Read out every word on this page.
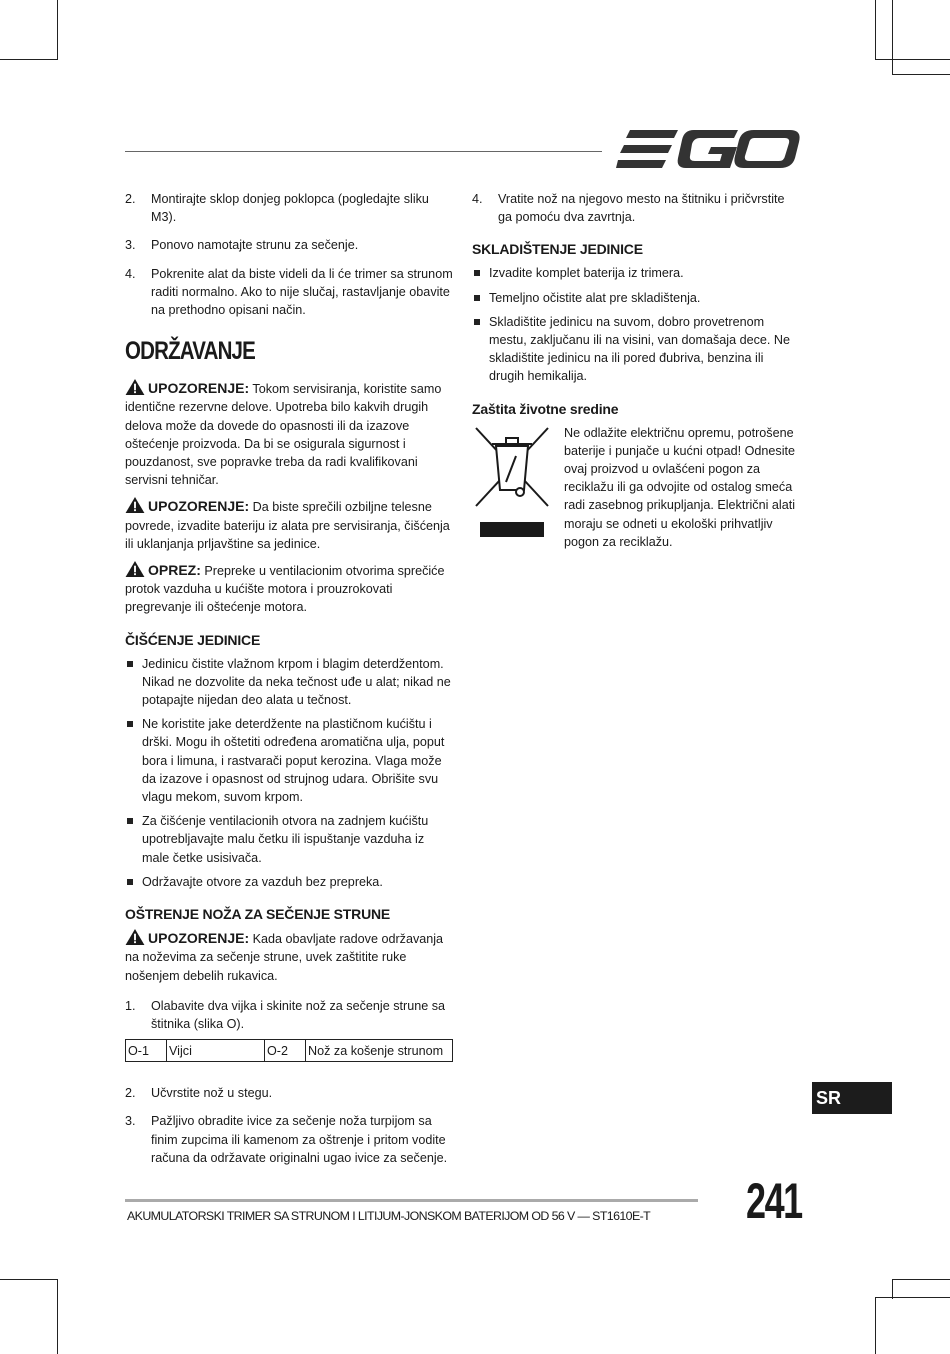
2.	Montirajte sklop donjeg poklopca (pogledajte sliku M3).
3.	Ponovo namotajte strunu za sečenje.
4.	Pokrenite alat da biste videli da li će trimer sa strunom raditi normalno. Ako to nije slučaj, rastavljanje obavite na prethodno opisani način.
ODRŽAVANJE

UPOZORENJE: Tokom servisiranja, koristite samo identične rezervne delove. Upotreba bilo kakvih drugih delova može da dovede do opasnosti ili da izazove oštećenje proizvoda. Da bi se osigurala sigurnost i pouzdanost, sve popravke treba da radi kvalifikovani servisni tehničar.

UPOZORENJE: Da biste sprečili ozbiljne telesne povrede, izvadite bateriju iz alata pre servisiranja, čišćenja ili uklanjanja prljavštine sa jedinice.

OPREZ: Prepreke u ventilacionim otvorima sprečiće protok vazduha u kućište motora i prouzrokovati pregrevanje ili oštećenje motora.

ČIŠĆENJE JEDINICE
Jedinicu čistite vlažnom krpom i blagim deterdžentom. Nikad ne dozvolite da neka tečnost uđe u alat; nikad ne potapajte nijedan deo alata u tečnost.
Ne koristite jake deterdžente na plastičnom kućištu i drški. Mogu ih oštetiti određena aromatična ulja, poput bora i limuna, i rastvarači poput kerozina. Vlaga može da izazove i opasnost od strujnog udara. Obrišite svu vlagu mekom, suvom krpom.
Za čišćenje ventilacionih otvora na zadnjem kućištu upotrebljavajte malu četku ili ispuštanje vazduha iz male četke usisivača.
Održavajte otvore za vazduh bez prepreka.
OŠTRENJE NOŽA ZA SEČENJE STRUNE

UPOZORENJE: Kada obavljate radove održavanja na noževima za sečenje strune, uvek zaštitite ruke nošenjem debelih rukavica.

1.	Olabavite dva vijka i skinite nož za sečenje strune sa štitnika (slika O).
O-1	Vijci	O-2	Nož za košenje strunom
2.	Učvrstite nož u stegu.
3.	Pažljivo obradite ivice za sečenje noža turpijom sa finim zupcima ili kamenom za oštrenje i pritom vodite računa da održavate originalni ugao ivice za sečenje.
4.	Vratite nož na njegovo mesto na štitniku i pričvrstite ga pomoću dva zavrtnja.
SKLADIŠTENJE JEDINICE
Izvadite komplet baterija iz trimera.
Temeljno očistite alat pre skladištenja.
Skladištite jedinicu na suvom, dobro provetrenom mestu, zaključanu ili na visini, van domašaja dece. Ne skladištite jedinicu na ili pored đubriva, benzina ili drugih hemikalija.
Zaštita životne sredine
Ne odlažite električnu opremu, potrošene baterije i punjače u kućni otpad! Odnesite ovaj proizvod u ovlašćeni pogon za reciklažu ili ga odvojite od ostalog smeća radi zasebnog prikupljanja. Električni alati moraju se odneti u ekološki prihvatljiv pogon za reciklažu.
SR
AKUMULATORSKI TRIMER SA STRUNOM I LITIJUM-JONSKOM BATERIJOM OD 56 V — ST1610E-T 241
